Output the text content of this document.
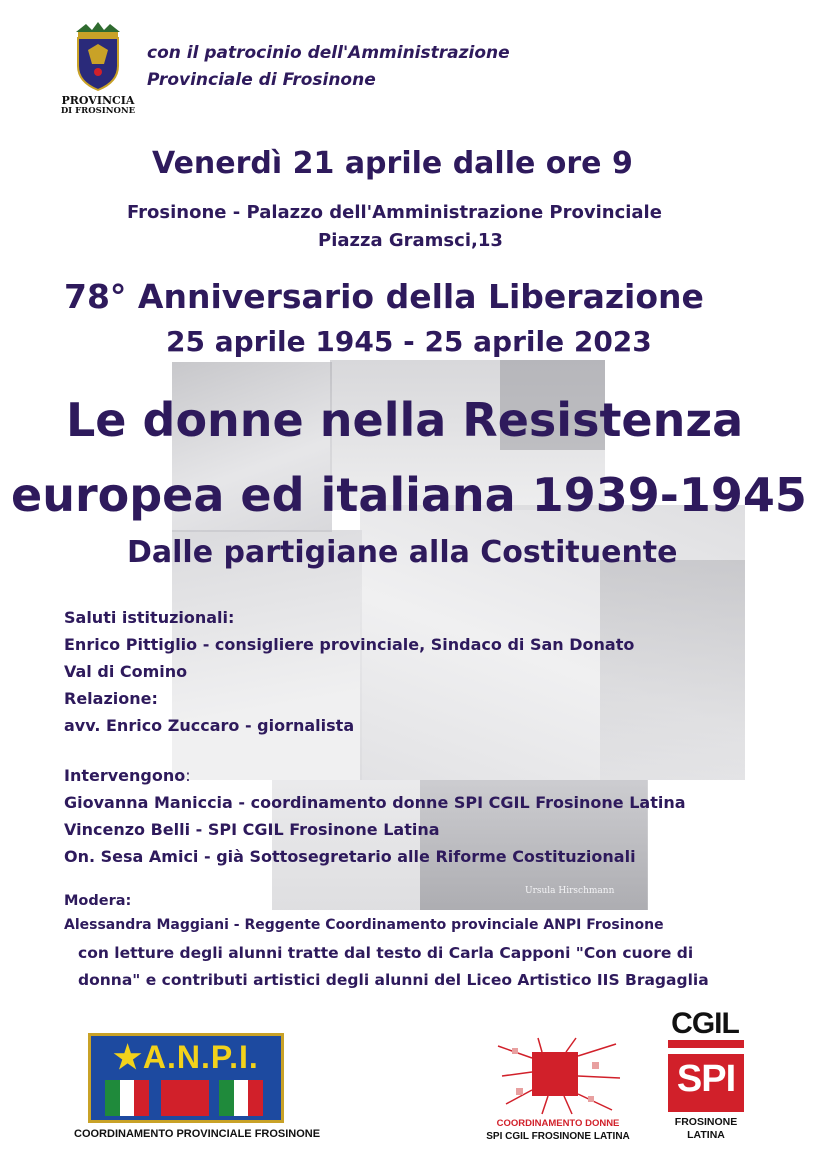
Ursula Hirschmann
PROVINCIA
DI FROSINONE
con il patrocinio dell'Amministrazione
Provinciale di Frosinone
Venerdì 21 aprile dalle ore 9
Frosinone - Palazzo dell'Amministrazione Provinciale
Piazza Gramsci,13
78° Anniversario della Liberazione
25 aprile 1945 - 25 aprile 2023
Le donne nella Resistenza
europea ed italiana 1939-1945
Dalle partigiane alla Costituente
Saluti istituzionali:
Enrico Pittiglio - consigliere provinciale, Sindaco di San Donato
Val di Comino
Relazione:
avv. Enrico Zuccaro - giornalista
Intervengono:
Giovanna Maniccia - coordinamento donne SPI CGIL Frosinone Latina
Vincenzo Belli - SPI CGIL Frosinone Latina
On. Sesa Amici - già Sottosegretario alle Riforme Costituzionali
Modera:
Alessandra Maggiani - Reggente Coordinamento provinciale ANPI Frosinone
con letture degli alunni tratte dal testo di Carla Capponi "Con cuore di
donna" e contributi artistici degli alunni del Liceo Artistico IIS Bragaglia
★A.N.P.I.
COORDINAMENTO PROVINCIALE FROSINONE
COORDINAMENTO DONNE
SPI CGIL FROSINONE LATINA
CGIL
SPI
FROSINONE
LATINA
